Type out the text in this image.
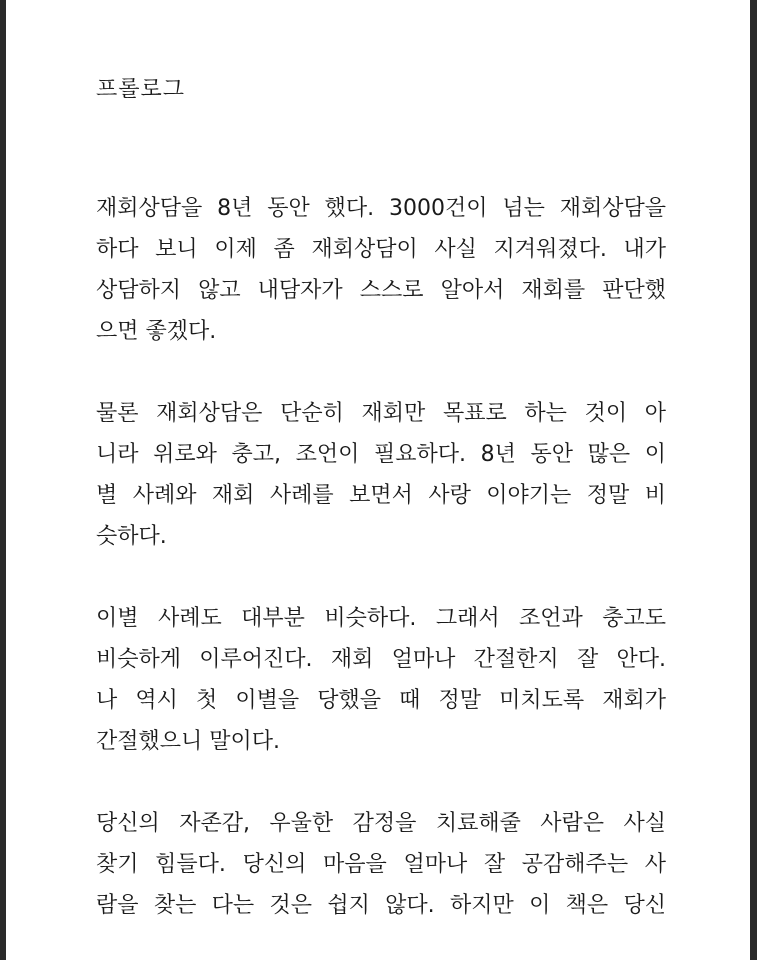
프롤로그
재회상담을 8년 동안 했다. 3000건이 넘는 재회상담을
하다 보니 이제 좀 재회상담이 사실 지겨워졌다. 내가
상담하지 않고 내담자가 스스로 알아서 재회를 판단했
으면 좋겠다.
물론 재회상담은 단순히 재회만 목표로 하는 것이 아
니라 위로와 충고, 조언이 필요하다. 8년 동안 많은 이
별 사례와 재회 사례를 보면서 사랑 이야기는 정말 비
슷하다.
이별 사례도 대부분 비슷하다. 그래서 조언과 충고도
비슷하게 이루어진다. 재회 얼마나 간절한지 잘 안다.
나 역시 첫 이별을 당했을 때 정말 미치도록 재회가
간절했으니 말이다.
당신의 자존감, 우울한 감정을 치료해줄 사람은 사실
찾기 힘들다. 당신의 마음을 얼마나 잘 공감해주는 사
람을 찾는 다는 것은 쉽지 않다. 하지만 이 책은 당신
